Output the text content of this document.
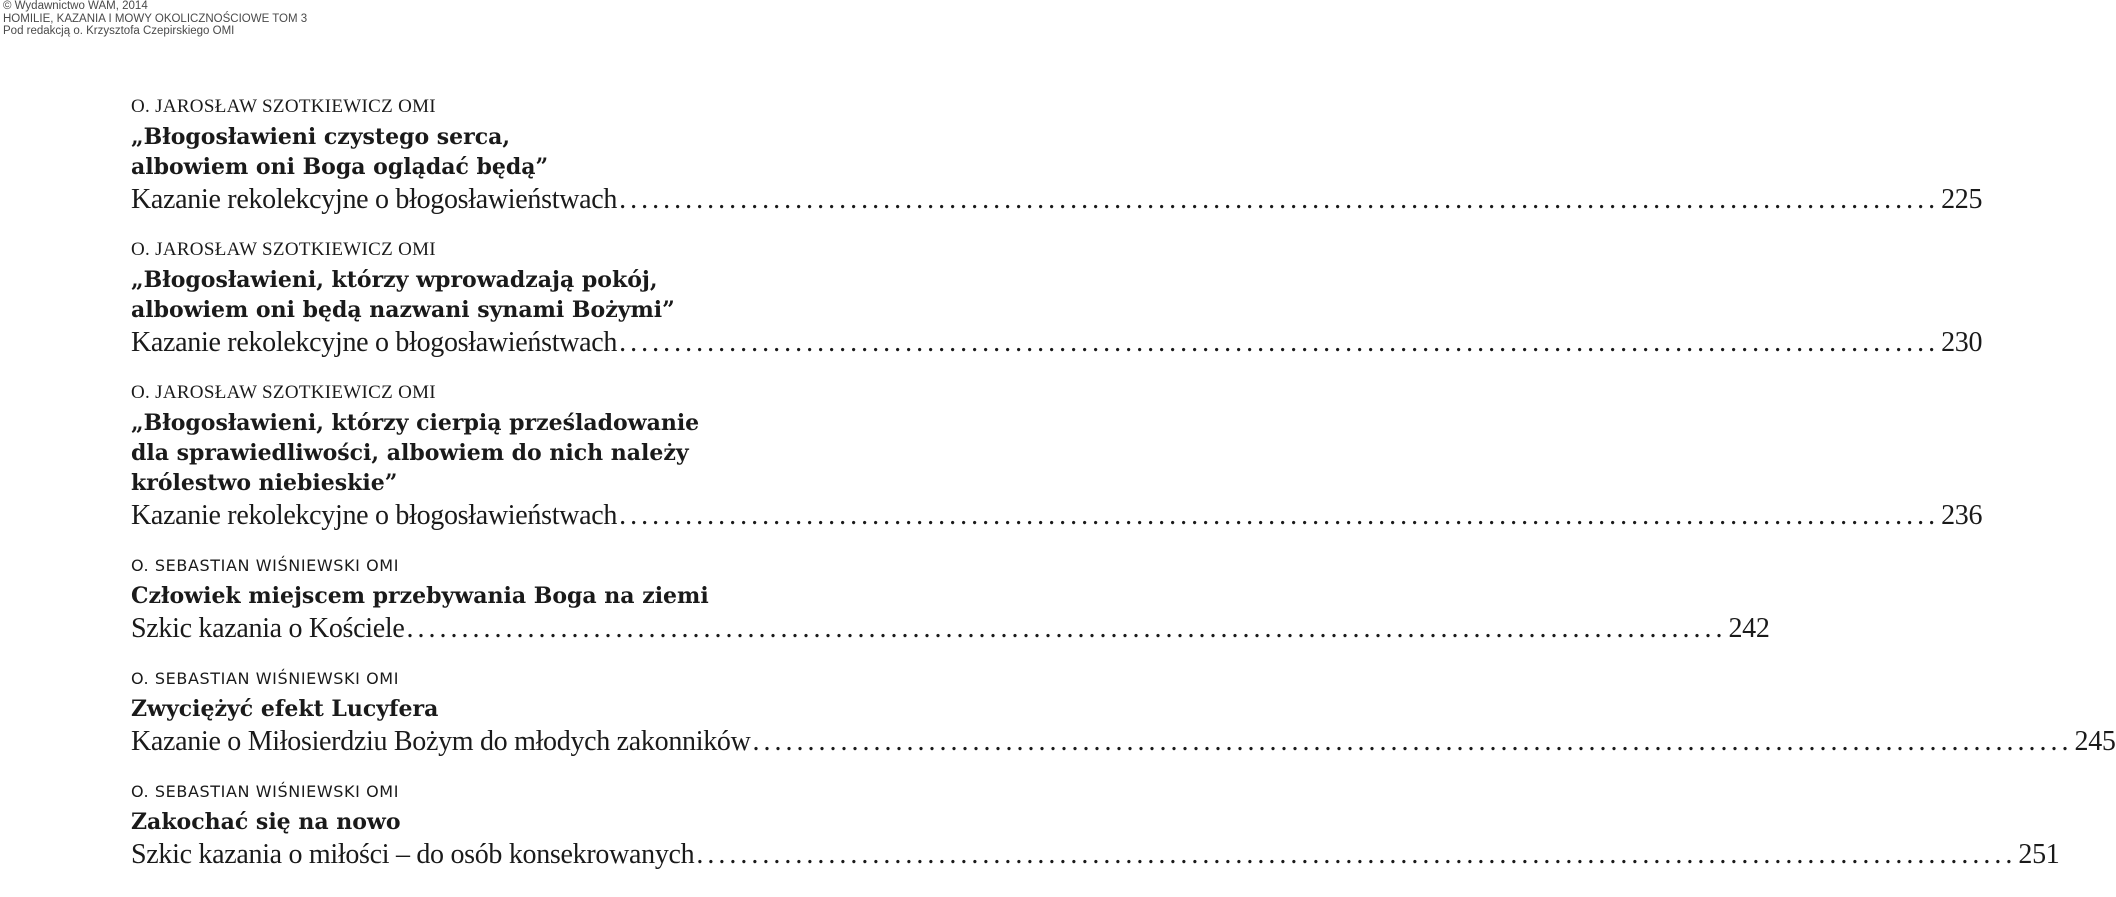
© Wydawnictwo WAM, 2014
HOMILIE, KAZANIA I MOWY OKOLICZNOŚCIOWE TOM 3
Pod redakcją o. Krzysztofa Czepirskiego OMI
O. JAROSŁAW SZOTKIEWICZ OMI
„Błogosławieni czystego serca,
albowiem oni Boga oglądać będą”
Kazanie rekolekcyjne o błogosławieństwach ........................................................................................................................ 225
O. JAROSŁAW SZOTKIEWICZ OMI
„Błogosławieni, którzy wprowadzają pokój,
albowiem oni będą nazwani synami Bożymi”
Kazanie rekolekcyjne o błogosławieństwach ........................................................................................................................ 230
O. JAROSŁAW SZOTKIEWICZ OMI
„Błogosławieni, którzy cierpią prześladowanie
dla sprawiedliwości, albowiem do nich należy
królestwo niebieskie”
Kazanie rekolekcyjne o błogosławieństwach ........................................................................................................................ 236
O. SEBASTIAN WIŚNIEWSKI OMI
Człowiek miejscem przebywania Boga na ziemi
Szkic kazania o Kościele ........................................................................................................................ 242
O. SEBASTIAN WIŚNIEWSKI OMI
Zwyciężyć efekt Lucyfera
Kazanie o Miłosierdziu Bożym do młodych zakonników ........................................................................................................................ 245
O. SEBASTIAN WIŚNIEWSKI OMI
Zakochać się na nowo
Szkic kazania o miłości – do osób konsekrowanych ........................................................................................................................ 251
